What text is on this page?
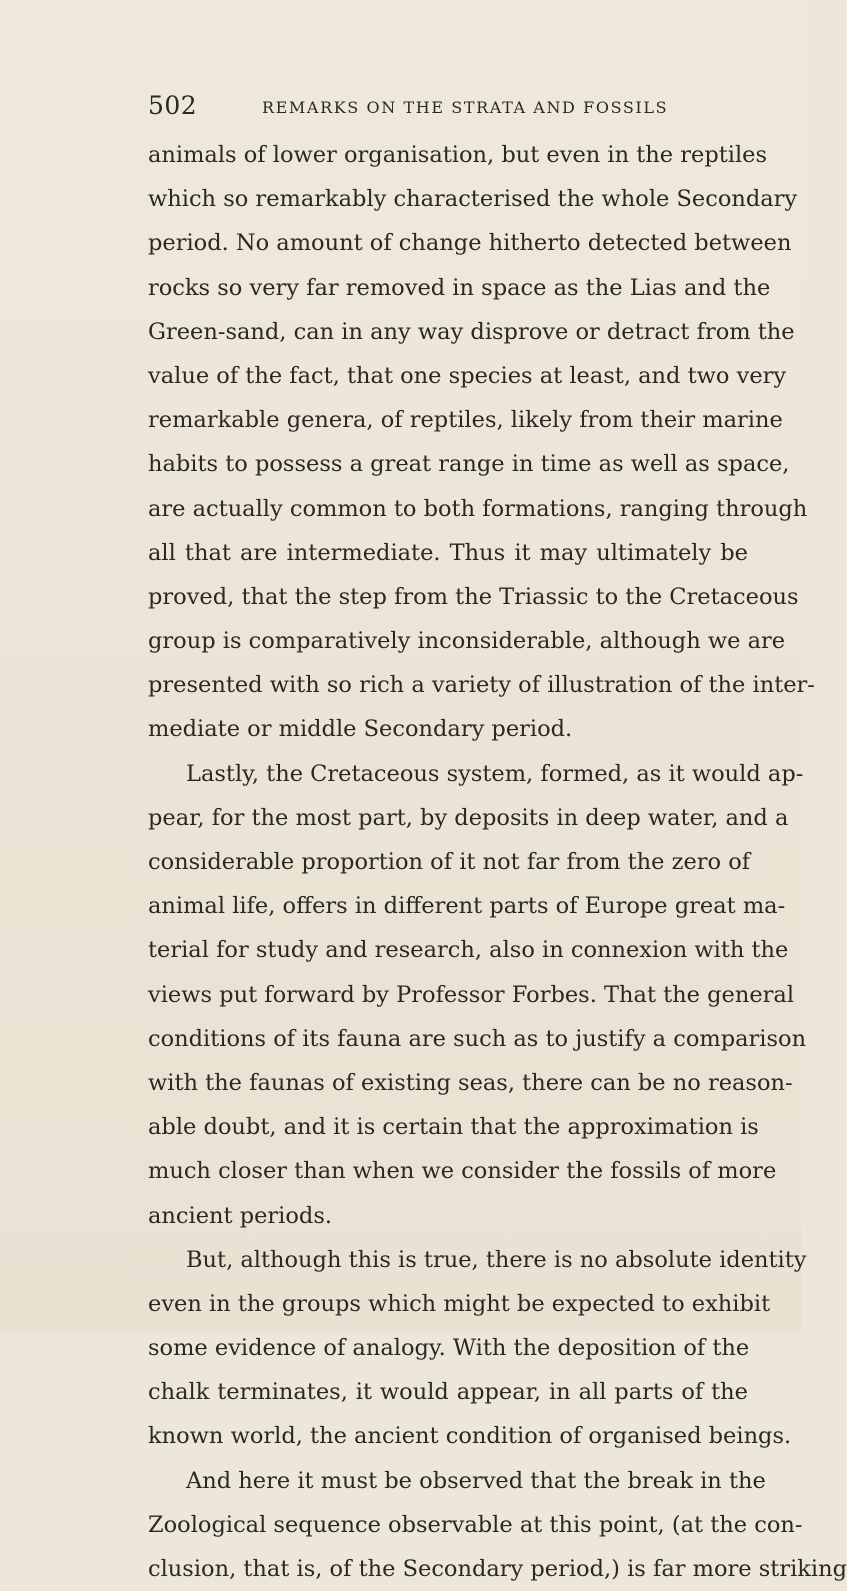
502	REMARKS ON THE STRATA AND FOSSILS
animals of lower organisation, but even in the reptiles
which so remarkably characterised the whole Secondary
period. No amount of change hitherto detected between
rocks so very far removed in space as the Lias and the
Green-sand, can in any way disprove or detract from the
value of the fact, that one species at least, and two very
remarkable genera, of reptiles, likely from their marine
habits to possess a great range in time as well as space,
are actually common to both formations, ranging through
all that are intermediate. Thus it may ultimately be
proved, that the step from the Triassic to the Cretaceous
group is comparatively inconsiderable, although we are
presented with so rich a variety of illustration of the inter-
mediate or middle Secondary period.
Lastly, the Cretaceous system, formed, as it would ap-
pear, for the most part, by deposits in deep water, and a
considerable proportion of it not far from the zero of
animal life, offers in different parts of Europe great ma-
terial for study and research, also in connexion with the
views put forward by Professor Forbes. That the general
conditions of its fauna are such as to justify a comparison
with the faunas of existing seas, there can be no reason-
able doubt, and it is certain that the approximation is
much closer than when we consider the fossils of more
ancient periods.
But, although this is true, there is no absolute identity
even in the groups which might be expected to exhibit
some evidence of analogy. With the deposition of the
chalk terminates, it would appear, in all parts of the
known world, the ancient condition of organised beings.
And here it must be observed that the break in the
Zoological sequence observable at this point, (at the con-
clusion, that is, of the Secondary period,) is far more striking
